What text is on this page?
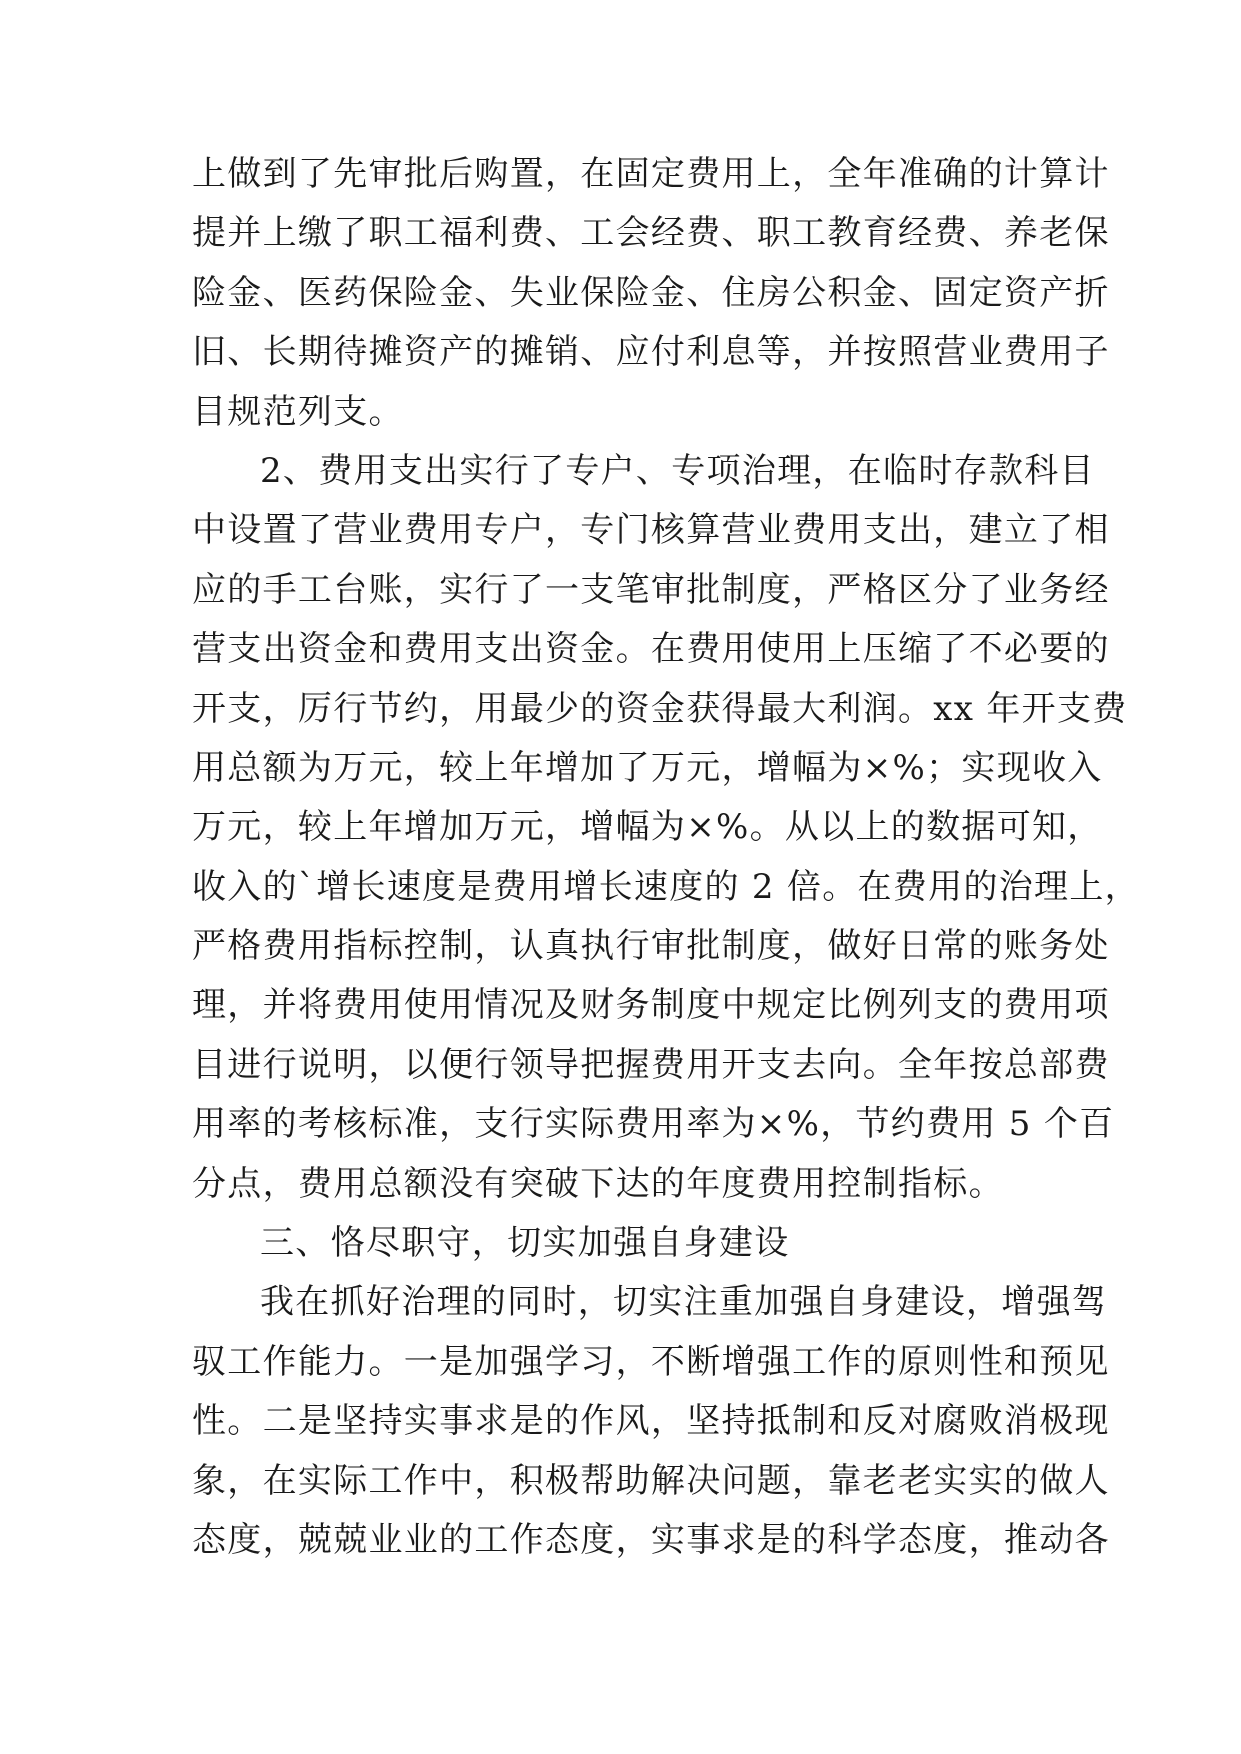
上做到了先审批后购置，在固定费用上，全年准确的计算计
提并上缴了职工福利费、工会经费、职工教育经费、养老保
险金、医药保险金、失业保险金、住房公积金、固定资产折
旧、长期待摊资产的摊销、应付利息等，并按照营业费用子
目规范列支。
2、费用支出实行了专户、专项治理，在临时存款科目
中设置了营业费用专户，专门核算营业费用支出，建立了相
应的手工台账，实行了一支笔审批制度，严格区分了业务经
营支出资金和费用支出资金。在费用使用上压缩了不必要的
开支，厉行节约，用最少的资金获得最大利润。xx 年开支费
用总额为万元，较上年增加了万元，增幅为×%；实现收入
万元，较上年增加万元，增幅为×%。从以上的数据可知，
收入的`增长速度是费用增长速度的 2 倍。在费用的治理上，
严格费用指标控制，认真执行审批制度，做好日常的账务处
理，并将费用使用情况及财务制度中规定比例列支的费用项
目进行说明，以便行领导把握费用开支去向。全年按总部费
用率的考核标准，支行实际费用率为×%，节约费用 5 个百
分点，费用总额没有突破下达的年度费用控制指标。
三、恪尽职守，切实加强自身建设
我在抓好治理的同时，切实注重加强自身建设，增强驾
驭工作能力。一是加强学习，不断增强工作的原则性和预见
性。二是坚持实事求是的作风，坚持抵制和反对腐败消极现
象，在实际工作中，积极帮助解决问题，靠老老实实的做人
态度，兢兢业业的工作态度，实事求是的科学态度，推动各
